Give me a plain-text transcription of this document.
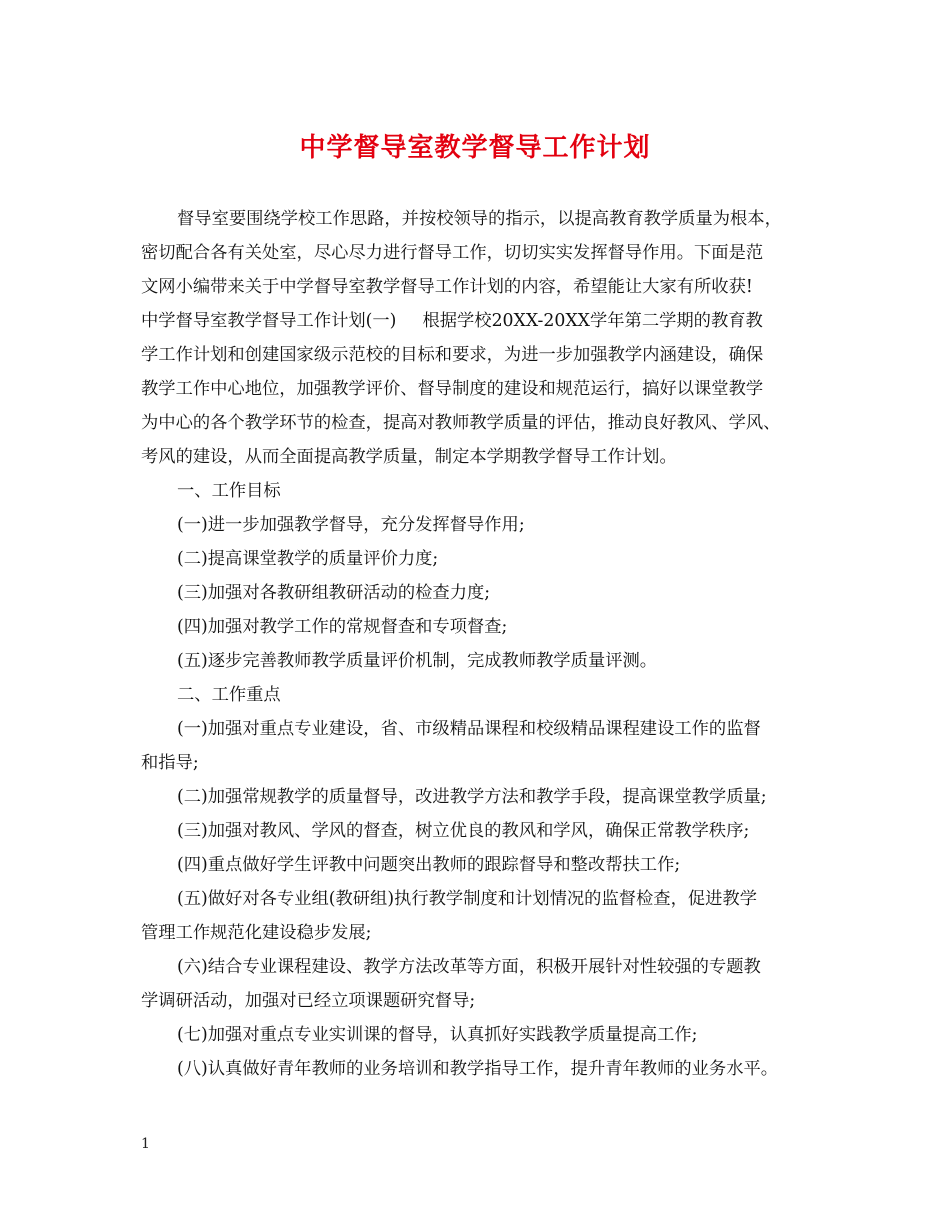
中学督导室教学督导工作计划
督导室要围绕学校工作思路，并按校领导的指示，以提高教育教学质量为根本，
密切配合各有关处室，尽心尽力进行督导工作，切切实实发挥督导作用。下面是范
文网小编带来关于中学督导室教学督导工作计划的内容，希望能让大家有所收获!
中学督导室教学督导工作计划(一) 根据学校20XX-20XX学年第二学期的教育教
学工作计划和创建国家级示范校的目标和要求，为进一步加强教学内涵建设，确保
教学工作中心地位，加强教学评价、督导制度的建设和规范运行，搞好以课堂教学
为中心的各个教学环节的检查，提高对教师教学质量的评估，推动良好教风、学风、
考风的建设，从而全面提高教学质量，制定本学期教学督导工作计划。
一、工作目标
(一)进一步加强教学督导，充分发挥督导作用;
(二)提高课堂教学的质量评价力度;
(三)加强对各教研组教研活动的检查力度;
(四)加强对教学工作的常规督查和专项督查;
(五)逐步完善教师教学质量评价机制，完成教师教学质量评测。
二、工作重点
(一)加强对重点专业建设，省、市级精品课程和校级精品课程建设工作的监督
和指导;
(二)加强常规教学的质量督导，改进教学方法和教学手段，提高课堂教学质量;
(三)加强对教风、学风的督查，树立优良的教风和学风，确保正常教学秩序;
(四)重点做好学生评教中问题突出教师的跟踪督导和整改帮扶工作;
(五)做好对各专业组(教研组)执行教学制度和计划情况的监督检查，促进教学
管理工作规范化建设稳步发展;
(六)结合专业课程建设、教学方法改革等方面，积极开展针对性较强的专题教
学调研活动，加强对已经立项课题研究督导;
(七)加强对重点专业实训课的督导，认真抓好实践教学质量提高工作;
(八)认真做好青年教师的业务培训和教学指导工作，提升青年教师的业务水平。
1
